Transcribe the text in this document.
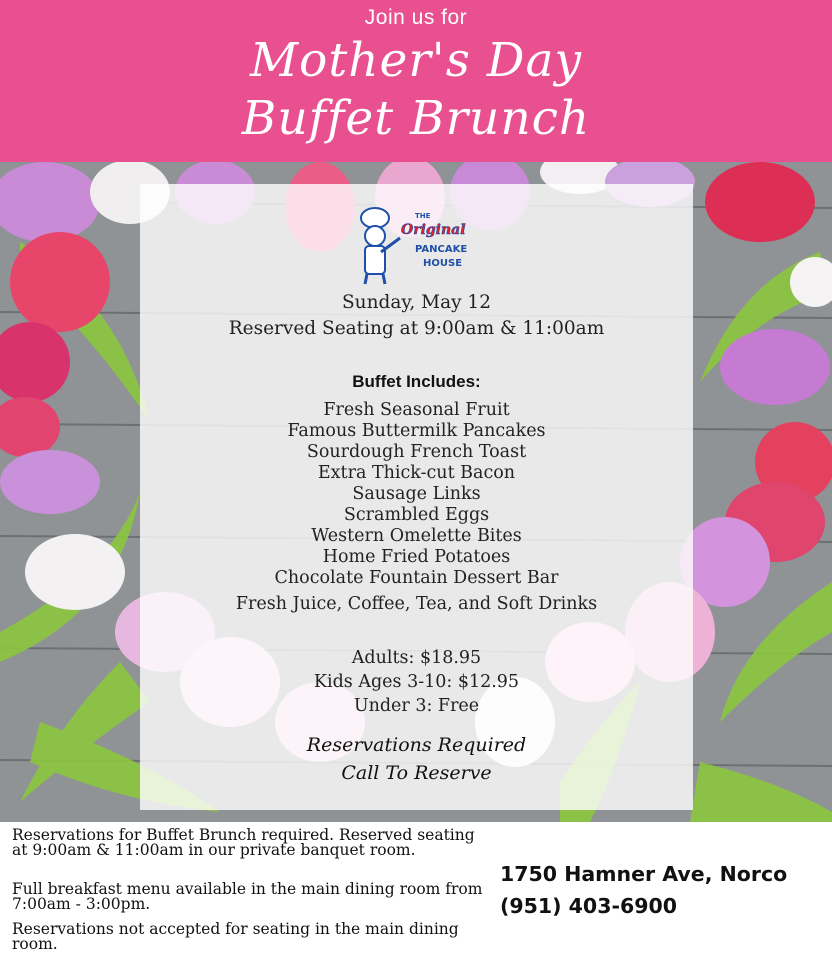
Join us for
Mother's Day
Buffet Brunch
THE
Original
PANCAKE
HOUSE
Sunday, May 12
Reserved Seating at 9:00am & 11:00am
Buffet Includes:
Fresh Seasonal Fruit
Famous Buttermilk Pancakes
Sourdough French Toast
Extra Thick-cut Bacon
Sausage Links
Scrambled Eggs
Western Omelette Bites
Home Fried Potatoes
Chocolate Fountain Dessert Bar
Fresh Juice, Coffee, Tea, and Soft Drinks
Adults: $18.95
Kids Ages 3-10: $12.95
Under 3: Free
Reservations Required
Call To Reserve
Reservations for Buffet Brunch required. Reserved seating at 9:00am & 11:00am in our private banquet room.
Full breakfast menu available in the main dining room from 7:00am - 3:00pm.
Reservations not accepted for seating in the main dining room.
1750 Hamner Ave, Norco
(951) 403-6900
